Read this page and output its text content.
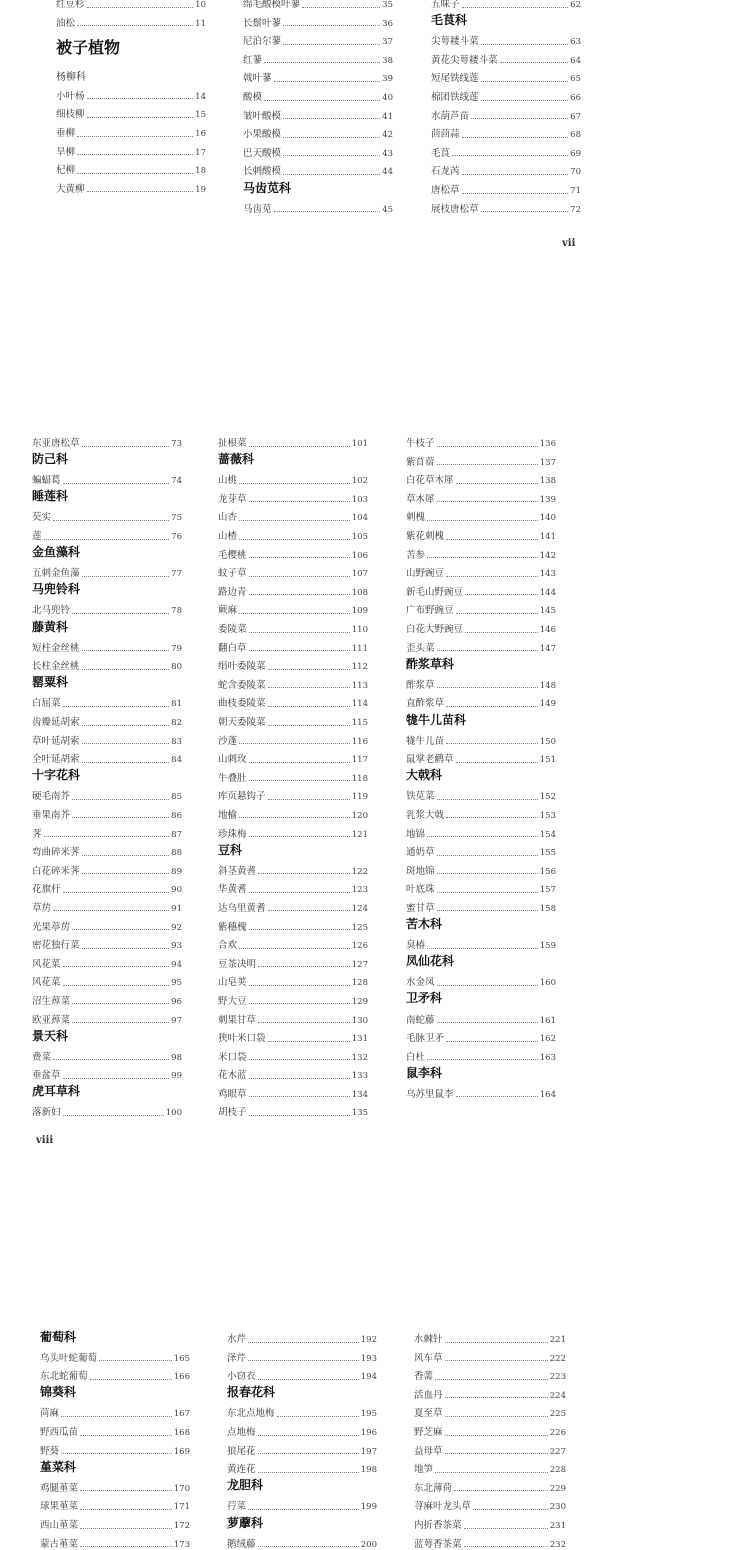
红豆杉	10
油松	11
被子植物
杨柳科
小叶杨	14
细枝柳	15
垂柳	16
旱柳	17
杞柳	18
大黄柳	19
绵毛酸模叶蓼	35
长鬃叶蓼	36
尼泊尔蓼	37
红蓼	38
戟叶蓼	39
酸模	40
皱叶酸模	41
小果酸模	42
巴天酸模	43
长刺酸模	44
马齿苋科
马齿苋	45
五味子	62
毛茛科
尖萼耧斗菜	63
黄花尖萼耧斗菜	64
短尾铁线莲	65
棉团铁线莲	66
水葫芦苗	67
茴茴蒜	68
毛茛	69
石龙芮	70
唐松草	71
展枝唐松草	72
vii
东亚唐松草	73
防己科
蝙蝠葛	74
睡莲科
芡实	75
莲	76
金鱼藻科
五刺金鱼藻	77
马兜铃科
北马兜铃	78
藤黄科
短柱金丝桃	79
长柱金丝桃	80
罂粟科
白屈菜	81
齿瓣延胡索	82
草叶延胡索	83
全叶延胡索	84
十字花科
硬毛南芥	85
垂果南芥	86
荠	87
弯曲碎米荠	88
白花碎米荠	89
花旗杆	90
草苈	91
光果葶苈	92
密花独行菜	93
风花菜	94
风花菜	95
沼生蔊菜	96
欧亚蔊菜	97
景天科
费菜	98
垂盆草	99
虎耳草科
落新妇	100
扯根菜	101
蔷薇科
山桃	102
龙芽草	103
山杏	104
山楂	105
毛樱桃	106
蚊子草	107
路边青	108
蕨麻	109
委陵菜	110
翻白草	111
绢叶委陵菜	112
蛇含委陵菜	113
曲枝委陵菜	114
朝天委陵菜	115
沙蓬	116
山刺玫	117
牛叠肚	118
库页悬钩子	119
地榆	120
珍珠梅	121
豆科
斜茎黄耆	122
华黄耆	123
达乌里黄耆	124
紫穗槐	125
合欢	126
豆茶决明	127
山皂荚	128
野大豆	129
刺果甘草	130
狭叶米口袋	131
米口袋	132
花木蓝	133
鸡眼草	134
胡枝子	135
牛枝子	136
紫苜蓿	137
白花草木犀	138
草木犀	139
刺槐	140
紫花刺槐	141
苦参	142
山野豌豆	143
新毛山野豌豆	144
广布野豌豆	145
白花大野豌豆	146
歪头菜	147
酢浆草科
酢浆草	148
直酢浆草	149
牻牛儿苗科
牻牛儿苗	150
鼠掌老鹳草	151
大戟科
铁苋菜	152
乳浆大戟	153
地锦	154
通奶草	155
斑地锦	156
叶底珠	157
蜜甘草	158
苦木科
臭椿	159
凤仙花科
水金凤	160
卫矛科
南蛇藤	161
毛脉卫矛	162
白杜	163
鼠李科
乌苏里鼠李	164
viii
葡萄科
乌头叶蛇葡萄	165
东北蛇葡萄	166
锦葵科
苘麻	167
野西瓜苗	168
野葵	169
堇菜科
鸡腿堇菜	170
球果堇菜	171
西山堇菜	172
蒙古堇菜	173
水芹	192
泽芹	193
小窃衣	194
报春花科
东北点地梅	195
点地梅	196
狼尾花	197
黄连花	198
龙胆科
荇菜	199
萝藦科
鹅绒藤	200
水棘针	221
风车草	222
香薷	223
活血丹	224
夏至草	225
野芝麻	226
益母草	227
地笋	228
东北薄荷	229
荨麻叶龙头草	230
内折香茶菜	231
蓝萼香茶菜	232
